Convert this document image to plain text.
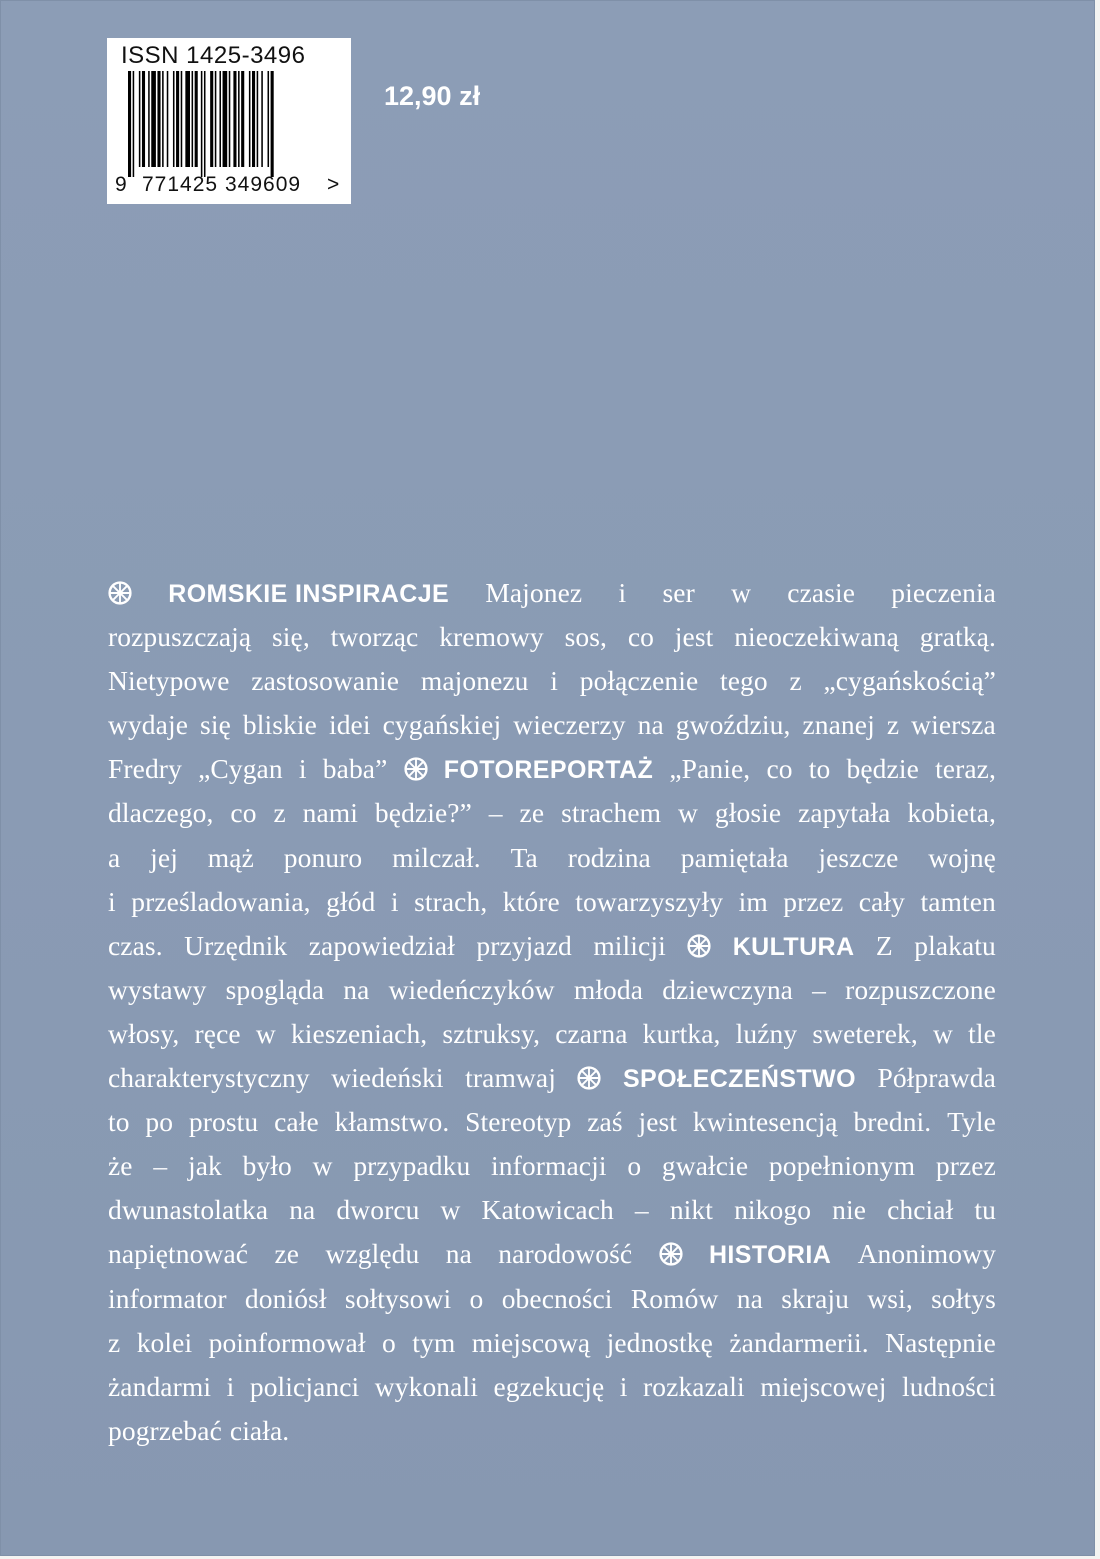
ISSN 1425-3496
9 771425 349609 >
12,90 zł
ROMSKIE INSPIRACJE Majonez i ser w czasie pieczenia
rozpuszczają się, tworząc kremowy sos, co jest nieoczekiwaną gratką.
Nietypowe zastosowanie majonezu i połączenie tego z „cygańskością”
wydaje się bliskie idei cygańskiej wieczerzy na gwoździu, znanej z wiersza
Fredry „Cygan i baba” FOTOREPORTAŻ „Panie, co to będzie teraz,
dlaczego, co z nami będzie?” – ze strachem w głosie zapytała kobieta,
a jej mąż ponuro milczał. Ta rodzina pamiętała jeszcze wojnę
i prześladowania, głód i strach, które towarzyszyły im przez cały tamten
czas. Urzędnik zapowiedział przyjazd milicji	KULTURA Z plakatu
wystawy spogląda na wiedeńczyków młoda dziewczyna – rozpuszczone
włosy, ręce w kieszeniach, sztruksy, czarna kurtka, luźny sweterek, w tle
charakterystyczny wiedeński tramwaj	SPOŁECZEŃSTWO Półprawda
to po prostu całe kłamstwo. Stereotyp zaś jest kwintesencją bredni. Tyle
że – jak było w przypadku informacji o gwałcie popełnionym przez
dwunastolatka na dworcu w Katowicach – nikt nikogo nie chciał tu
napiętnować ze względu na narodowość	HISTORIA Anonimowy
informator doniósł sołtysowi o obecności Romów na skraju wsi, sołtys
z kolei poinformował o tym miejscową jednostkę żandarmerii. Następnie
żandarmi i policjanci wykonali egzekucję i rozkazali miejscowej ludności
pogrzebać ciała.
